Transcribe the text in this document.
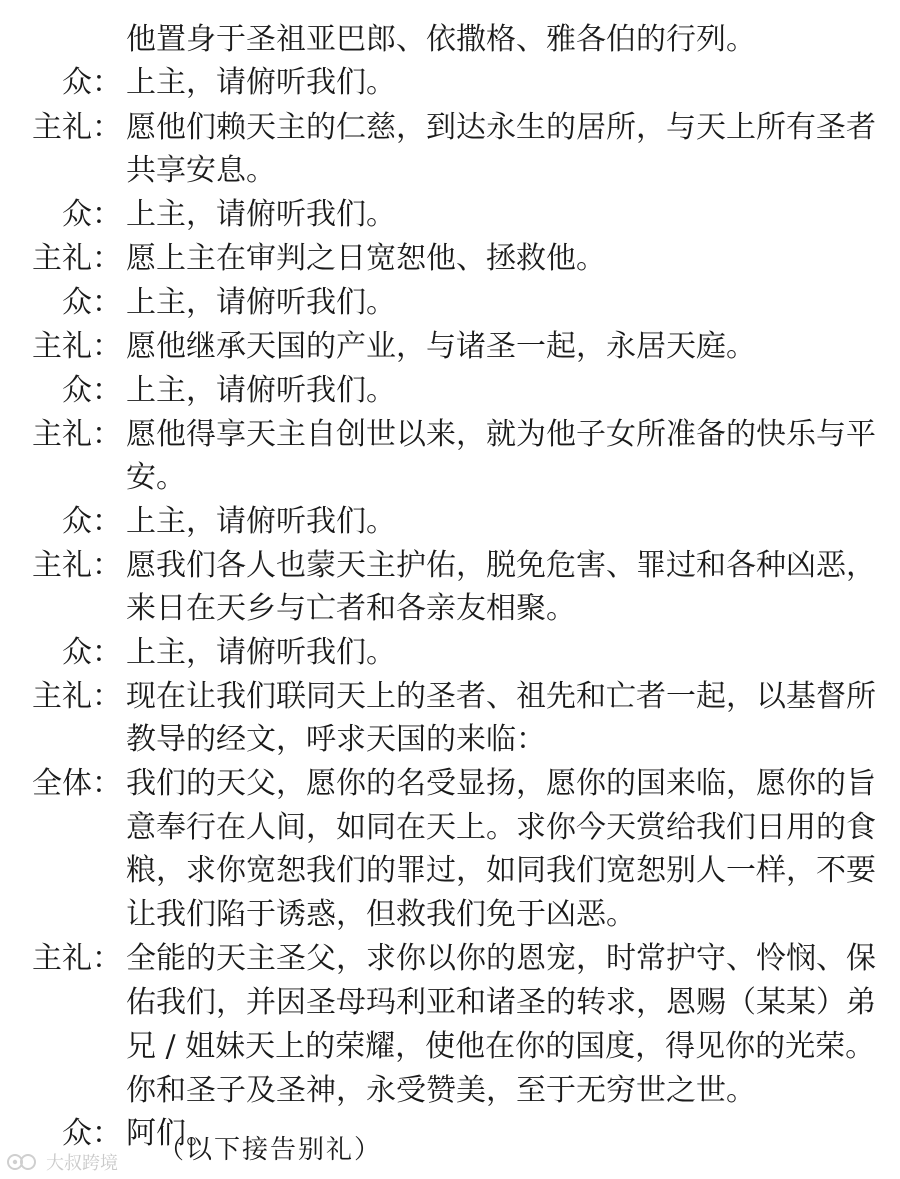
他置身于圣祖亚巴郎、依撒格、雅各伯的行列。
众： 上主，请俯听我们。
主礼： 愿他们赖天主的仁慈，到达永生的居所，与天上所有圣者
共享安息。
众： 上主，请俯听我们。
主礼： 愿上主在审判之日宽恕他、拯救他。
众： 上主，请俯听我们。
主礼： 愿他继承天国的产业，与诸圣一起，永居天庭。
众： 上主，请俯听我们。
主礼： 愿他得享天主自创世以来，就为他子女所准备的快乐与平
安。
众： 上主，请俯听我们。
主礼： 愿我们各人也蒙天主护佑，脱免危害、罪过和各种凶恶，
来日在天乡与亡者和各亲友相聚。
众： 上主，请俯听我们。
主礼： 现在让我们联同天上的圣者、祖先和亡者一起，以基督所
教导的经文，呼求天国的来临：
全体： 我们的天父，愿你的名受显扬，愿你的国来临，愿你的旨
意奉行在人间，如同在天上。求你今天赏给我们日用的食
粮，求你宽恕我们的罪过，如同我们宽恕别人一样，不要
让我们陷于诱惑，但救我们免于凶恶。
主礼： 全能的天主圣父，求你以你的恩宠，时常护守、怜悯、保
佑我们，并因圣母玛利亚和诸圣的转求，恩赐（某某）弟
兄 / 姐妹天上的荣耀，使他在你的国度，得见你的光荣。
你和圣子及圣神，永受赞美，至于无穷世之世。
众： 阿们。
（以下接告别礼）
大叔跨境
